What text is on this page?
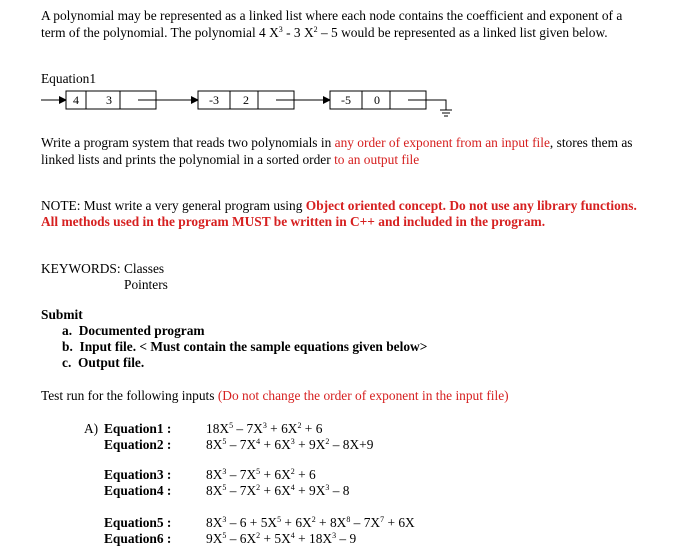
A polynomial may be represented as a linked list where each node contains the coefficient and exponent of a
term of the polynomial. The polynomial 4 $X^3 - 3$ $X^2 - 5$ would be represented as a linked list given below.
Equation1
4 3	-3 2	-5 0
Write a program system that reads two polynomials in any order of exponent from an input file, stores them as
linked lists and prints the polynomial in a sorted order to an output file
NOTE: Must write a very general program using Object oriented concept. Do not use any library functions.
All methods used in the program MUST be written in C++ and included in the program.
KEYWORDS: Classes
Pointers
Submit
a. Documented program
b. Input file. < Must contain the sample equations given below>
c. Output file.
Test run for the following inputs (Do not change the order of exponent in the input file)
A) Equation1 :	$18X^5 - 7X^3 + 6X^2 + 6$
Equation2 :	$8X^5 - 7X^4 + 6X^3 + 9X^2 - 8X+9$
Equation3 :	$8X^3 - 7X^5 + 6X^2 + 6$
Equation4 :	$8X^5 - 7X^2 + 6X^4 + 9X^3 - 8$
Equation5 :	$8X^3 - 6 + 5X^5 + 6X^2 + 8X^8 - 7X^7 + 6X$
Equation6 :	$9X^5 - 6X^2 + 5X^4 + 18X^3 - 9$
